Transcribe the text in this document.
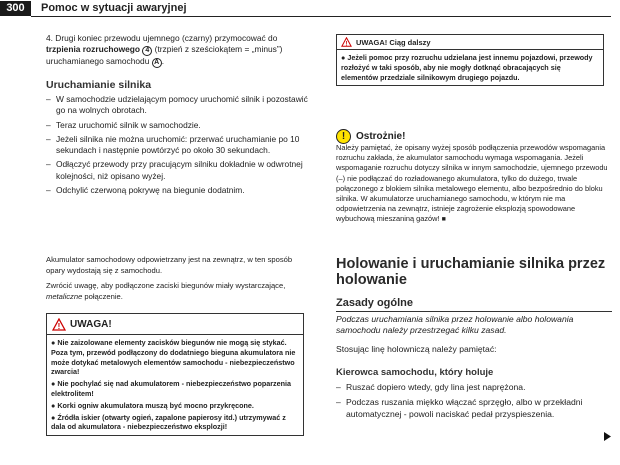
300	Pomoc w sytuacji awaryjnej

4. Drugi koniec przewodu ujemnego (czarny) przymocować do trzpienia rozruchowego 4 (trzpień z sześciokątem = „minus”) uruchamianego samochodu A .

Uruchamianie silnika

– W samochodzie udzielającym pomocy uruchomić silnik i pozostawić go na wolnych obrotach.

– Teraz uruchomić silnik w samochodzie.

– Jeżeli silnika nie można uruchomić: przerwać uruchamianie po 10 sekundach i następnie powtórzyć po około 30 sekundach.

– Odłączyć przewody przy pracującym silniku dokładnie w odwrotnej kolejności, niż opisano wyżej.

– Odchylić czerwoną pokrywę na biegunie dodatnim.

Akumulator samochodowy odpowietrzany jest na zewnątrz, w ten sposób opary wydostają się z samochodu.

Zwrócić uwagę, aby podłączone zaciski biegunów miały wystarczające, metaliczne połączenie.

! UWAGA!
● Nie zaizolowane elementy zacisków biegunów nie mogą się stykać. Poza tym, przewód podłączony do dodatniego bieguna akumulatora nie może dotykać metalowych elementów samochodu - niebezpieczeństwo zwarcia!
● Nie pochylać się nad akumulatorem - niebezpieczeństwo poparzenia elektrolitem!
● Korki ogniw akumulatora muszą być mocno przykręcone.
● Źródła iskier (otwarty ogień, zapalone papierosy itd.) utrzymywać z dala od akumulatora - niebezpieczeństwo eksplozji!
! UWAGA! Ciąg dalszy
● Jeżeli pomoc przy rozruchu udzielana jest innemu pojazdowi, przewody rozłożyć w taki sposób, aby nie mogły dotknąć obracających się elementów przedziale silnikowym drugiego pojazdu.
!	Ostrożnie!

Należy pamiętać, że opisany wyżej sposób podłączenia przewodów wspomagania rozruchu zakłada, że akumulator samochodu wymaga wspomagania. Jeżeli wspomaganie rozruchu dotyczy silnika w innym samochodzie, ujemnego przewodu (–) nie podłączać do rozładowanego akumulatora, tylko do dużego, trwale połączonego z blokiem silnika metalowego elementu, albo bezpośrednio do bloku silnika. W akumulatorze uruchamianego samochodu, w którym nie ma odpowietrzenia na zewnątrz, istnieje zagrożenie eksplozją spowodowane wybuchową mieszaniną gazów! ■

Holowanie i uruchamianie silnika przez holowanie
Zasady ogólne

Podczas uruchamiania silnika przez holowanie albo holowania samochodu należy przestrzegać kilku zasad.

Stosując linę holowniczą należy pamiętać:

Kierowca samochodu, który holuje

– Ruszać dopiero wtedy, gdy lina jest naprężona.

– Podczas ruszania miękko włączać sprzęgło, albo w przekładni automatycznej - powoli naciskać pedał przyspieszenia.
